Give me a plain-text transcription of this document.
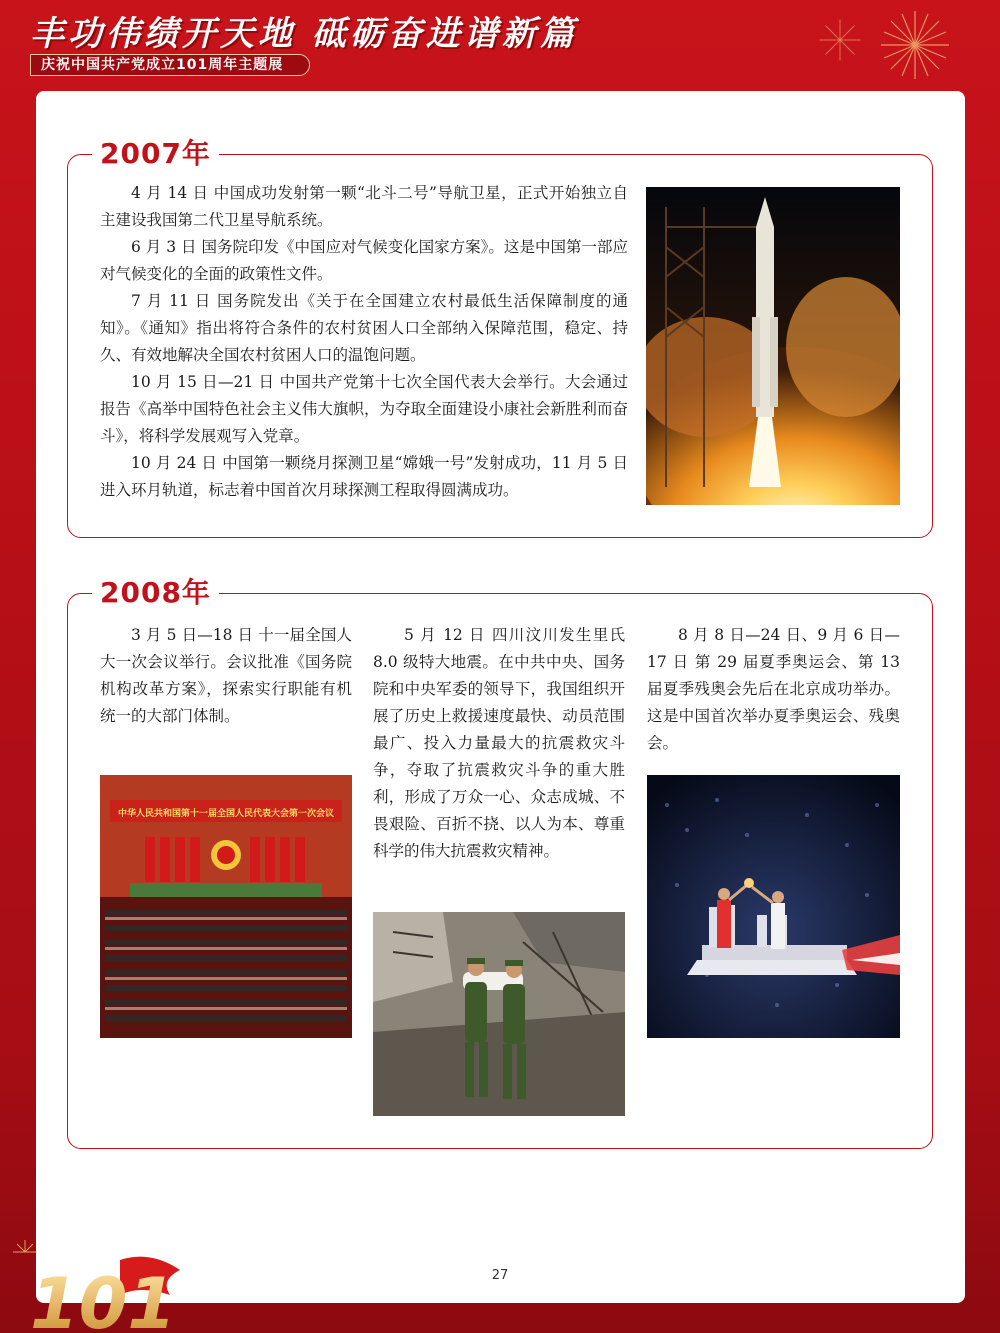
丰功伟绩开天地 砥砺奋进谱新篇
庆祝中国共产党成立101周年主题展
2007年

4 月 14 日 中国成功发射第一颗“北斗二号”导航卫星，正式开始独立自主建设我国第二代卫星导航系统。

6 月 3 日 国务院印发《中国应对气候变化国家方案》。这是中国第一部应对气候变化的全面的政策性文件。

7 月 11 日 国务院发出《关于在全国建立农村最低生活保障制度的通知》。《通知》指出将符合条件的农村贫困人口全部纳入保障范围，稳定、持久、有效地解决全国农村贫困人口的温饱问题。

10 月 15 日—21 日 中国共产党第十七次全国代表大会举行。大会通过报告《高举中国特色社会主义伟大旗帜，为夺取全面建设小康社会新胜利而奋斗》，将科学发展观写入党章。

10 月 24 日 中国第一颗绕月探测卫星“嫦娥一号”发射成功，11 月 5 日进入环月轨道，标志着中国首次月球探测工程取得圆满成功。

2008年

3 月 5 日—18 日 十一届全国人大一次会议举行。会议批准《国务院机构改革方案》，探索实行职能有机统一的大部门体制。

5 月 12 日 四川汶川发生里氏 8.0 级特大地震。在中共中央、国务院和中央军委的领导下，我国组织开展了历史上救援速度最快、动员范围最广、投入力量最大的抗震救灾斗争，夺取了抗震救灾斗争的重大胜利，形成了万众一心、众志成城、不畏艰险、百折不挠、以人为本、尊重科学的伟大抗震救灾精神。

8 月 8 日—24 日、9 月 6 日—17 日 第 29 届夏季奥运会、第 13 届夏季残奥会先后在北京成功举办。这是中国首次举办夏季奥运会、残奥会。

中华人民共和国第十一届全国人民代表大会第一次会议
27
101
